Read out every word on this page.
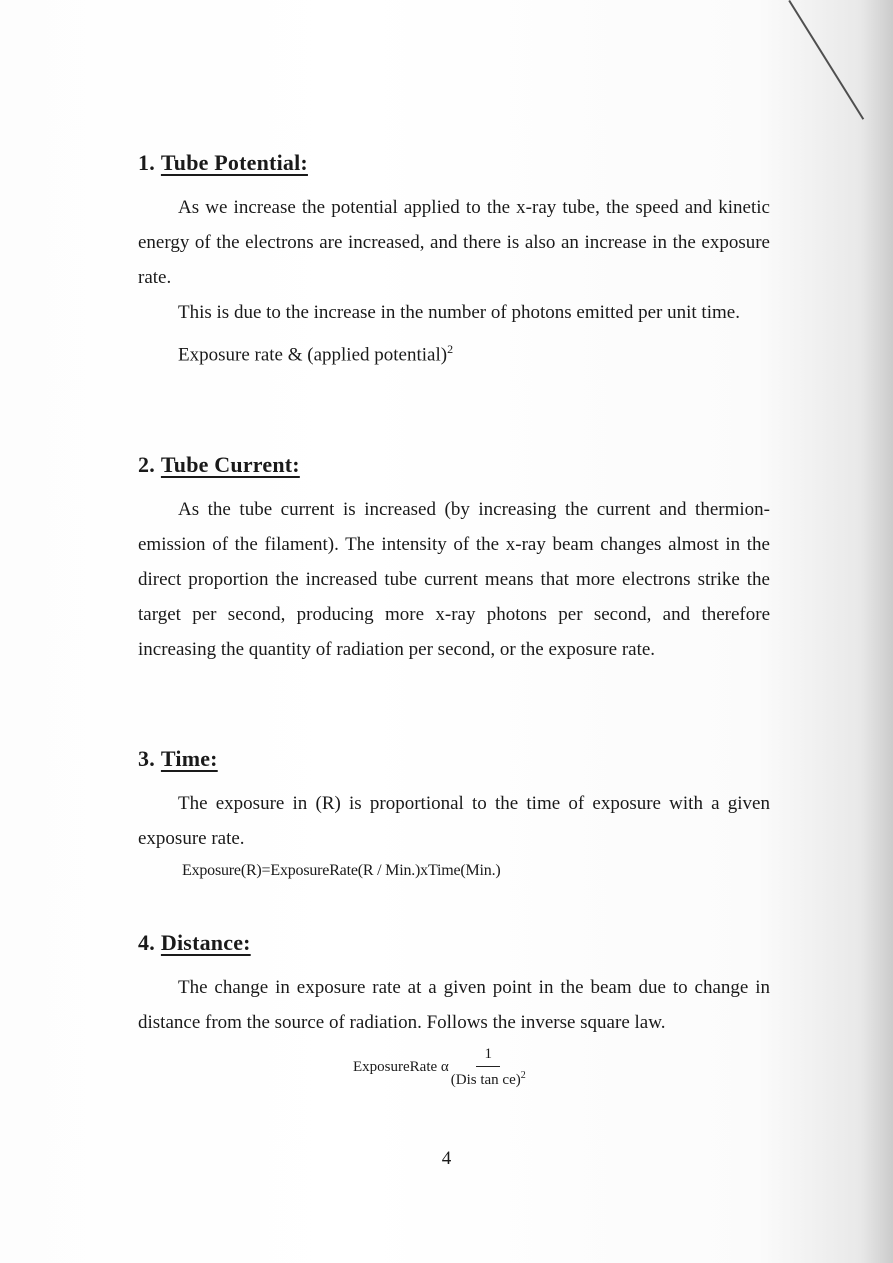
1. Tube Potential:

As we increase the potential applied to the x-ray tube, the speed and kinetic energy of the electrons are increased, and there is also an increase in the exposure rate.

This is due to the increase in the number of photons emitted per unit time.

Exposure rate & (applied potential)$^2$

2. Tube Current:

As the tube current is increased (by increasing the current and thermion-emission of the filament). The intensity of the x-ray beam changes almost in the direct proportion the increased tube current means that more electrons strike the target per second, producing more x-ray photons per second, and therefore increasing the quantity of radiation per second, or the exposure rate.

3. Time:

The exposure in (R) is proportional to the time of exposure with a given exposure rate.

Exposure(R)=ExposureRate(R / Min.)xTime(Min.)

4. Distance:

The change in exposure rate at a given point in the beam due to change in distance from the source of radiation. Follows the inverse square law.

ExposureRate α $\frac{1}{(Dis \tan ce)^2}$
4
